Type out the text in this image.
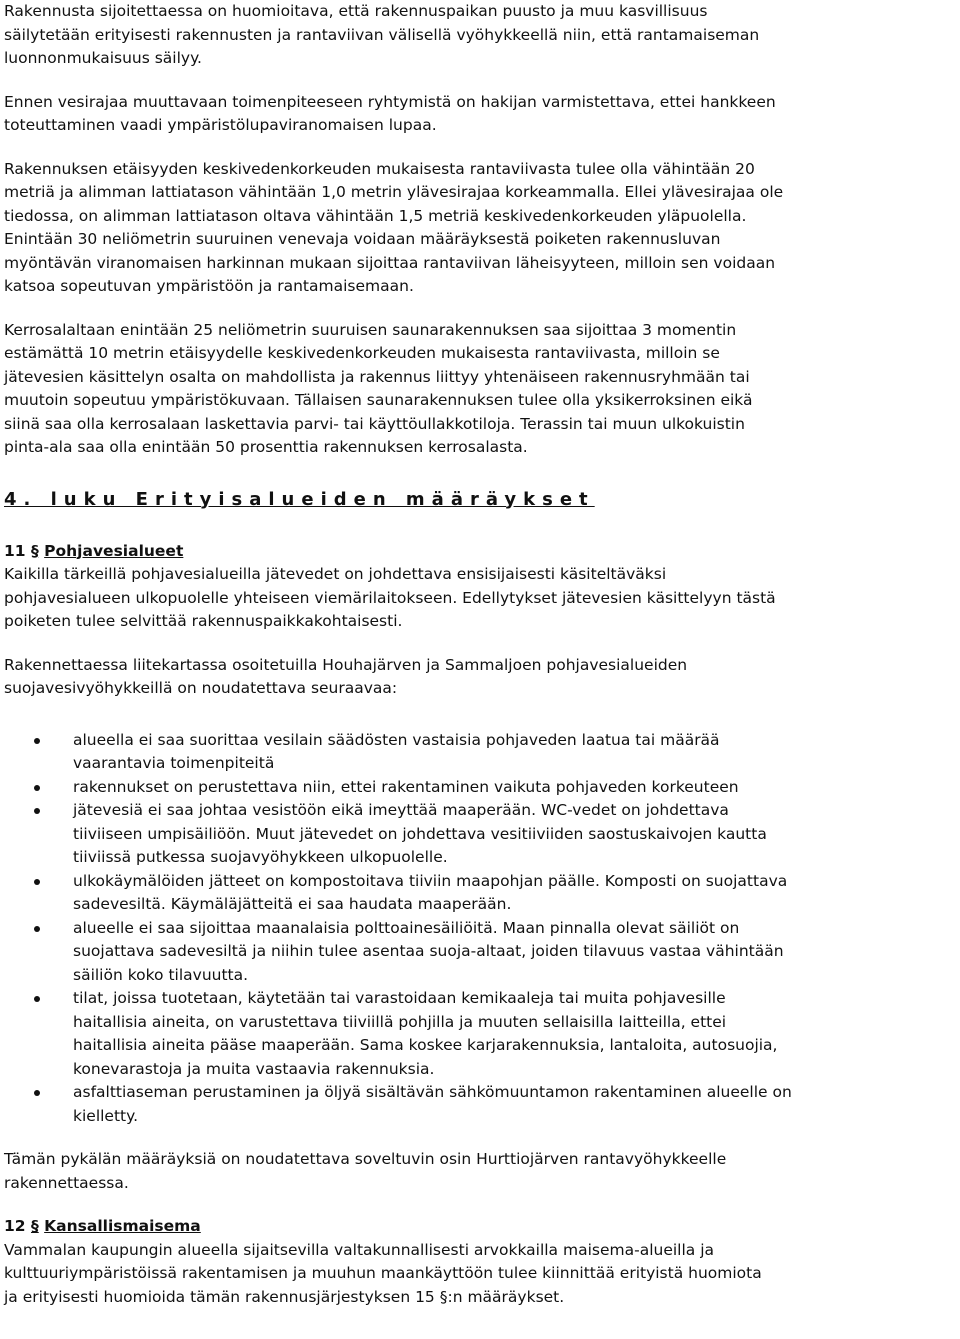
Rakennusta sijoitettaessa on huomioitava, että rakennuspaikan puusto ja muu kasvillisuus
säilytetään erityisesti rakennusten ja rantaviivan välisellä vyöhykkeellä niin, että rantamaiseman
luonnonmukaisuus säilyy.

Ennen vesirajaa muuttavaan toimenpiteeseen ryhtymistä on hakijan varmistettava, ettei hankkeen
toteuttaminen vaadi ympäristölupaviranomaisen lupaa.

Rakennuksen etäisyyden keskivedenkorkeuden mukaisesta rantaviivasta tulee olla vähintään 20
metriä ja alimman lattiatason vähintään 1,0 metrin ylävesirajaa korkeammalla. Ellei ylävesirajaa ole
tiedossa, on alimman lattiatason oltava vähintään 1,5 metriä keskivedenkorkeuden yläpuolella.
Enintään 30 neliömetrin suuruinen venevaja voidaan määräyksestä poiketen rakennusluvan
myöntävän viranomaisen harkinnan mukaan sijoittaa rantaviivan läheisyyteen, milloin sen voidaan
katsoa sopeutuvan ympäristöön ja rantamaisemaan.

Kerrosalaltaan enintään 25 neliömetrin suuruisen saunarakennuksen saa sijoittaa 3 momentin
estämättä 10 metrin etäisyydelle keskivedenkorkeuden mukaisesta rantaviivasta, milloin se
jätevesien käsittelyn osalta on mahdollista ja rakennus liittyy yhtenäiseen rakennusryhmään tai
muutoin sopeutuu ympäristökuvaan. Tällaisen saunarakennuksen tulee olla yksikerroksinen eikä
siinä saa olla kerrosalaan laskettavia parvi- tai käyttöullakkotiloja. Terassin tai muun ulkokuistin
pinta-ala saa olla enintään 50 prosenttia rakennuksen kerrosalasta.

4. luku Erityisalueiden määräykset
11 § Pohjavesialueet

Kaikilla tärkeillä pohjavesialueilla jätevedet on johdettava ensisijaisesti käsiteltäväksi
pohjavesialueen ulkopuolelle yhteiseen viemärilaitokseen. Edellytykset jätevesien käsittelyyn tästä
poiketen tulee selvittää rakennuspaikkakohtaisesti.

Rakennettaessa liitekartassa osoitetuilla Houhajärven ja Sammaljoen pohjavesialueiden
suojavesivyöhykkeillä on noudatettava seuraavaa:

alueella ei saa suorittaa vesilain säädösten vastaisia pohjaveden laatua tai määrää
vaarantavia toimenpiteitä
rakennukset on perustettava niin, ettei rakentaminen vaikuta pohjaveden korkeuteen
jätevesiä ei saa johtaa vesistöön eikä imeyttää maaperään. WC-vedet on johdettava
tiiviiseen umpisäiliöön. Muut jätevedet on johdettava vesitiiviiden saostuskaivojen kautta
tiiviissä putkessa suojavyöhykkeen ulkopuolelle.
ulkokäymälöiden jätteet on kompostoitava tiiviin maapohjan päälle. Komposti on suojattava
sadevesiltä. Käymäläjätteitä ei saa haudata maaperään.
alueelle ei saa sijoittaa maanalaisia polttoainesäiliöitä. Maan pinnalla olevat säiliöt on
suojattava sadevesiltä ja niihin tulee asentaa suoja-altaat, joiden tilavuus vastaa vähintään
säiliön koko tilavuutta.
tilat, joissa tuotetaan, käytetään tai varastoidaan kemikaaleja tai muita pohjavesille
haitallisia aineita, on varustettava tiiviillä pohjilla ja muuten sellaisilla laitteilla, ettei
haitallisia aineita pääse maaperään. Sama koskee karjarakennuksia, lantaloita, autosuojia,
konevarastoja ja muita vastaavia rakennuksia.
asfalttiaseman perustaminen ja öljyä sisältävän sähkömuuntamon rakentaminen alueelle on
kielletty.

Tämän pykälän määräyksiä on noudatettava soveltuvin osin Hurttiojärven rantavyöhykkeelle
rakennettaessa.

12 § Kansallismaisema

Vammalan kaupungin alueella sijaitsevilla valtakunnallisesti arvokkailla maisema-alueilla ja
kulttuuriympäristöissä rakentamisen ja muuhun maankäyttöön tulee kiinnittää erityistä huomiota
ja erityisesti huomioida tämän rakennusjärjestyksen 15 §:n määräykset.
